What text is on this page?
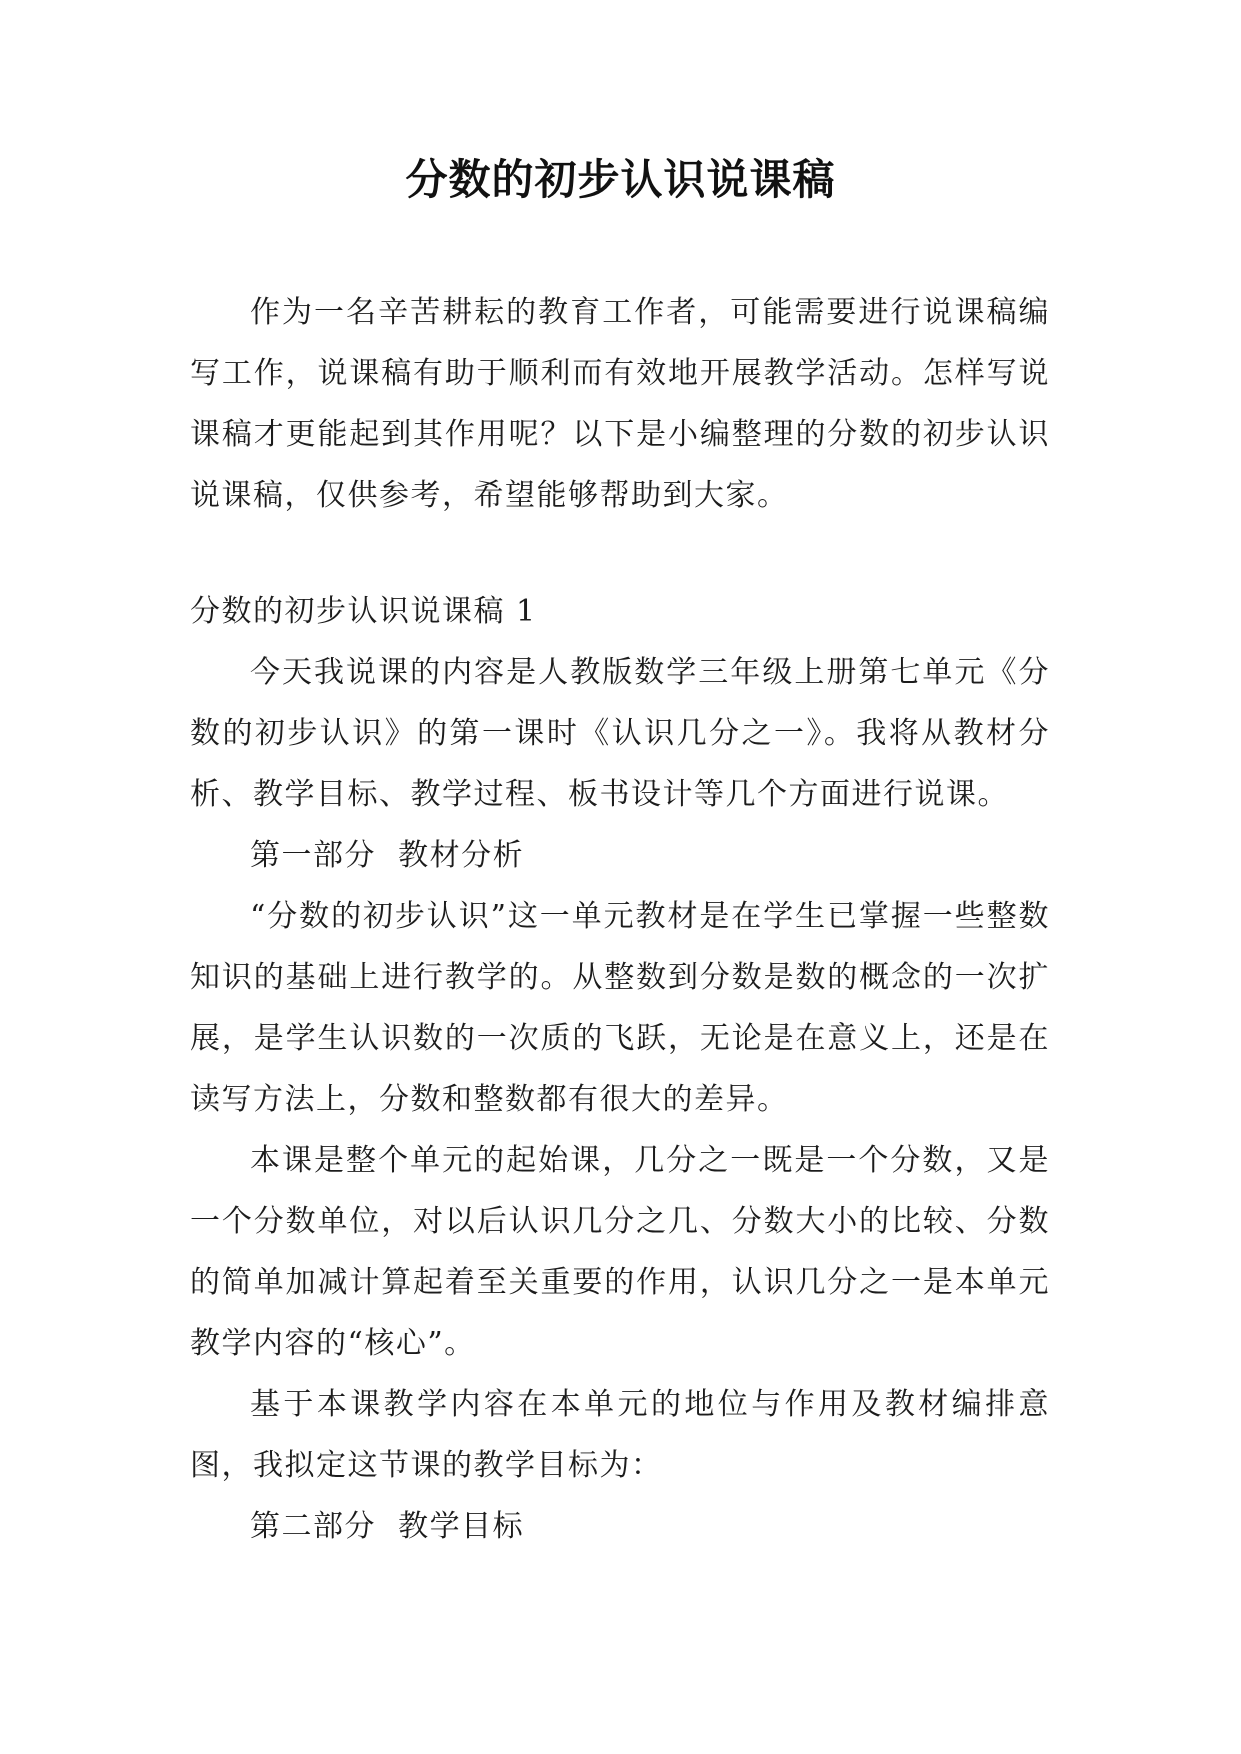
分数的初步认识说课稿

作为一名辛苦耕耘的教育工作者，可能需要进行说课稿编写工作，说课稿有助于顺利而有效地开展教学活动。怎样写说课稿才更能起到其作用呢？以下是小编整理的分数的初步认识说课稿，仅供参考，希望能够帮助到大家。

分数的初步认识说课稿 1

今天我说课的内容是人教版数学三年级上册第七单元《分数的初步认识》的第一课时《认识几分之一》。我将从教材分析、教学目标、教学过程、板书设计等几个方面进行说课。

第一部分  教材分析

“分数的初步认识”这一单元教材是在学生已掌握一些整数知识的基础上进行教学的。从整数到分数是数的概念的一次扩展，是学生认识数的一次质的飞跃，无论是在意义上，还是在读写方法上，分数和整数都有很大的差异。

本课是整个单元的起始课，几分之一既是一个分数，又是一个分数单位，对以后认识几分之几、分数大小的比较、分数的简单加减计算起着至关重要的作用，认识几分之一是本单元教学内容的“核心”。

基于本课教学内容在本单元的地位与作用及教材编排意图，我拟定这节课的教学目标为：

第二部分  教学目标
